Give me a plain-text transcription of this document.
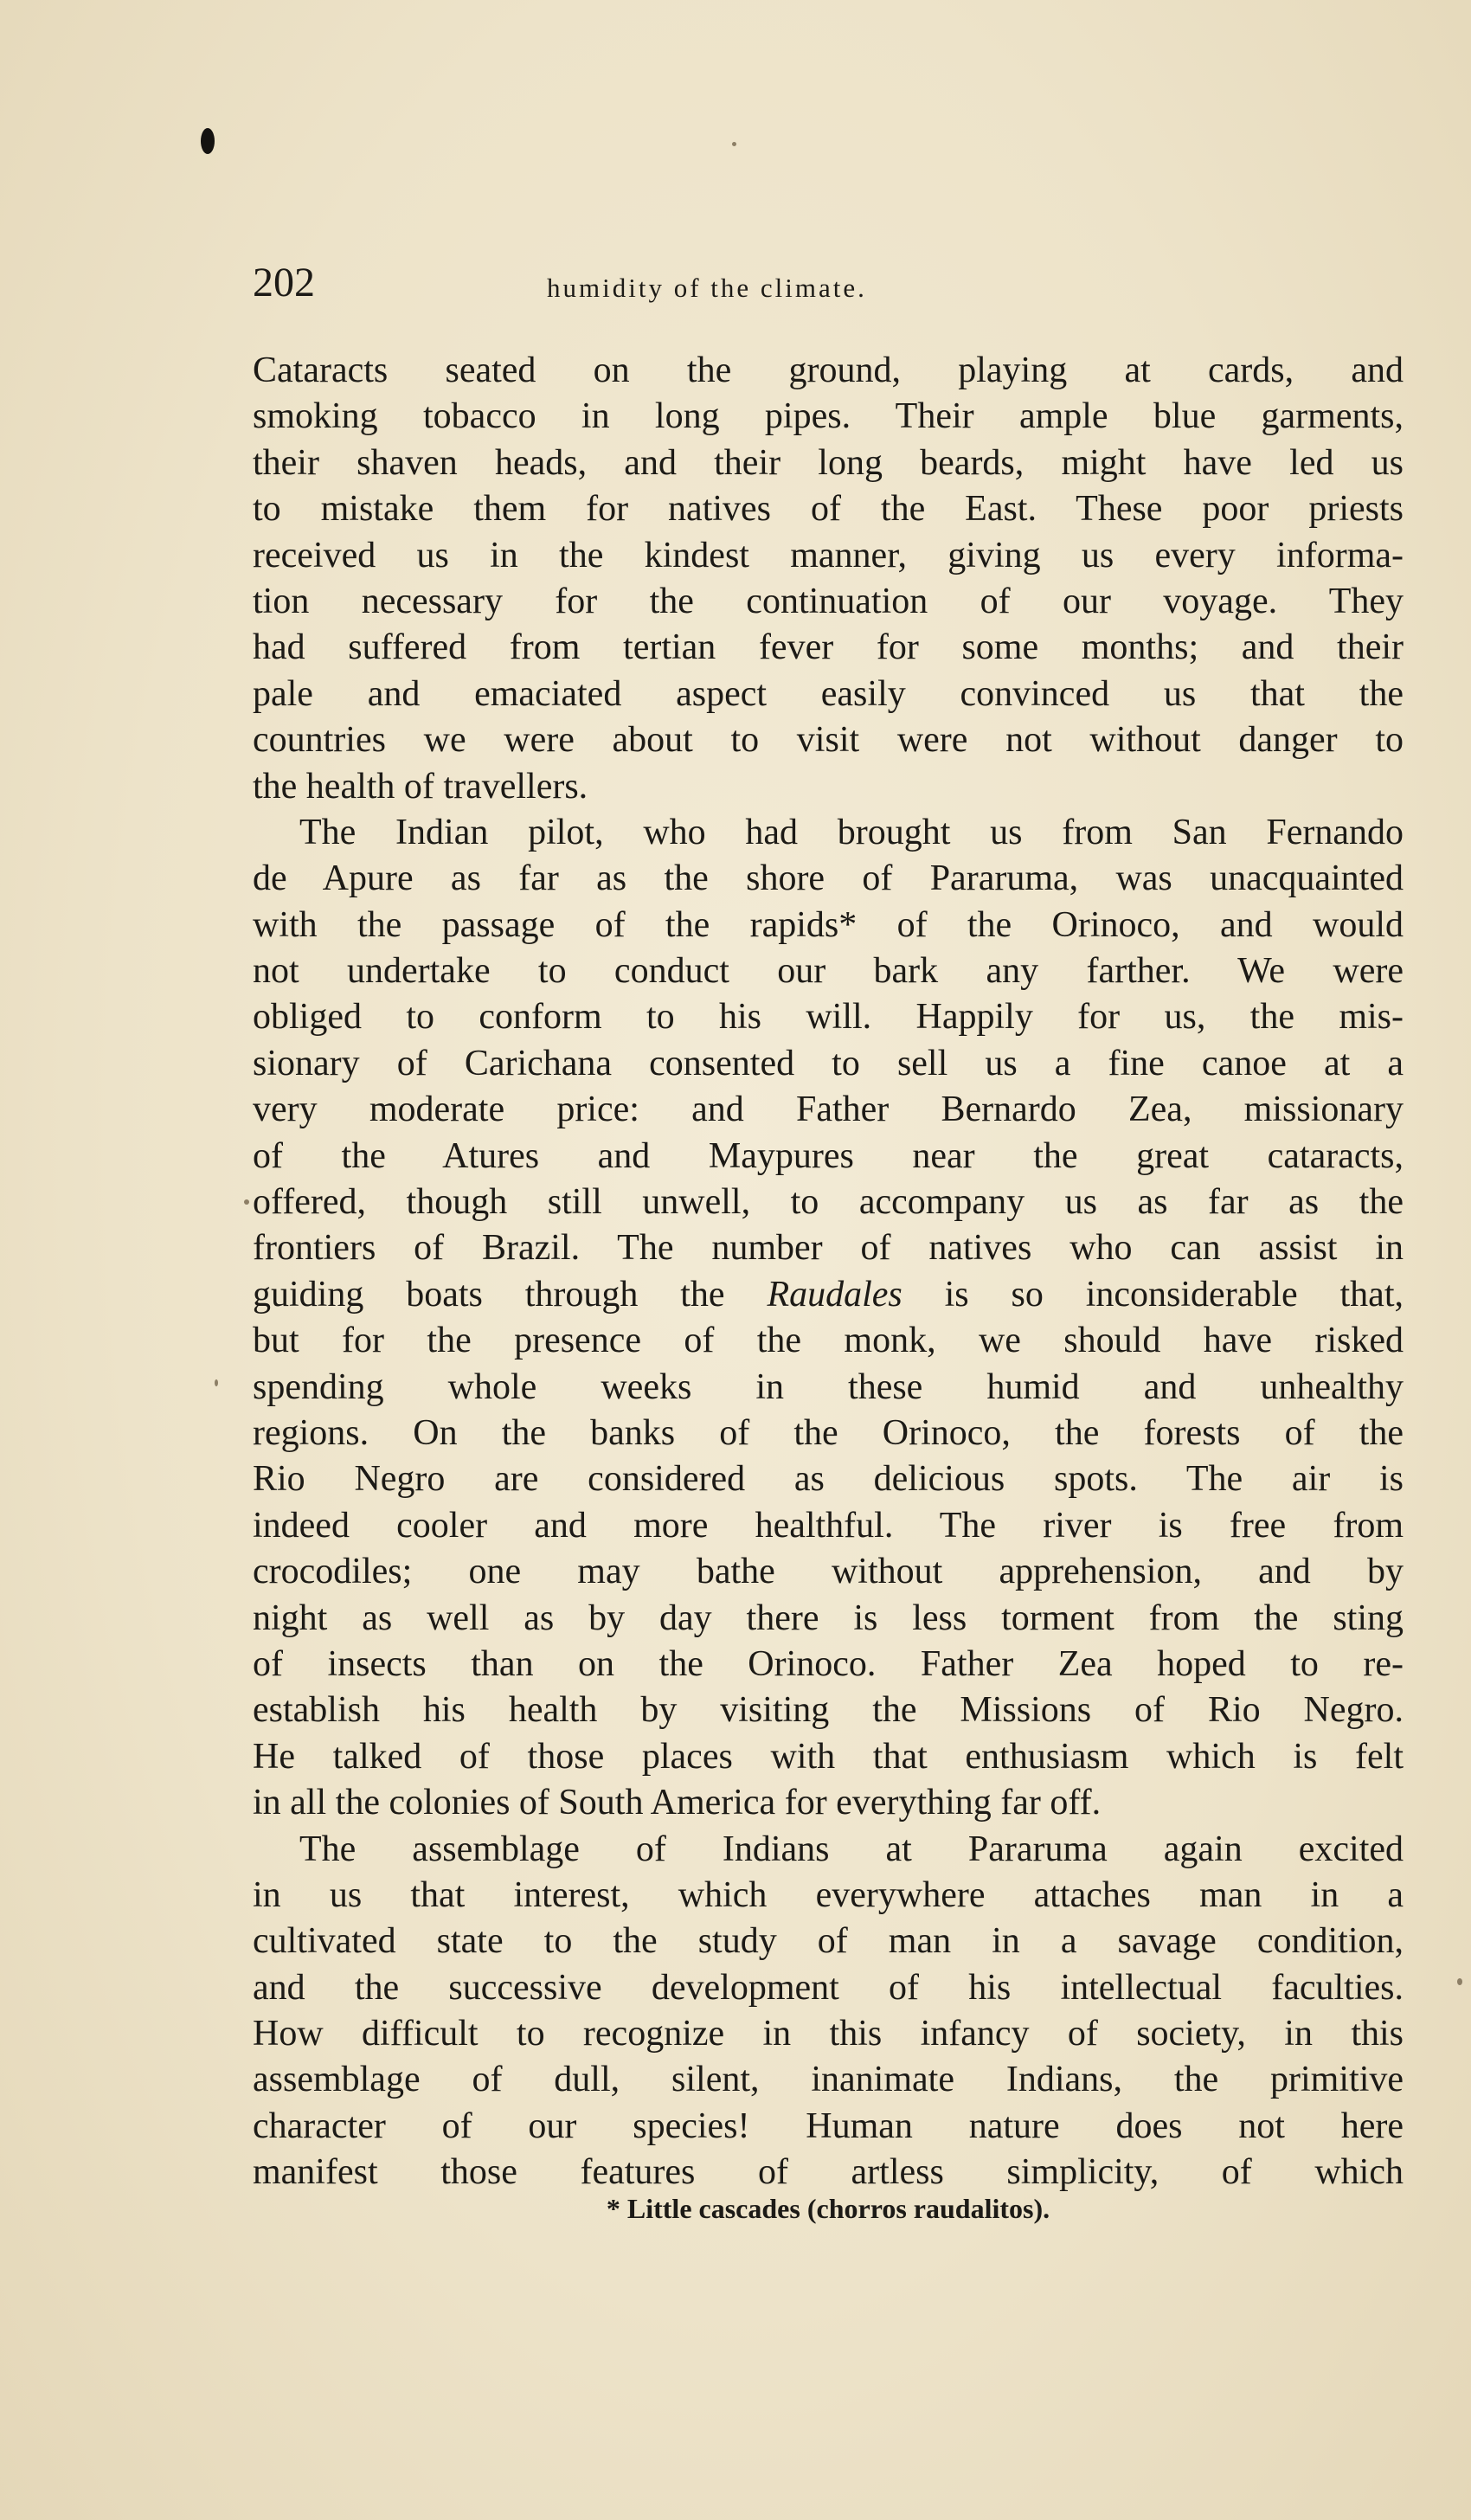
202	humidity of the climate.
Cataracts seated on the ground, playing at cards, and
smoking tobacco in long pipes. Their ample blue garments,
their shaven heads, and their long beards, might have led us
to mistake them for natives of the East. These poor priests
received us in the kindest manner, giving us every informa-
tion necessary for the continuation of our voyage. They
had suffered from tertian fever for some months; and their
pale and emaciated aspect easily convinced us that the
countries we were about to visit were not without danger to
the health of travellers.
The Indian pilot, who had brought us from San Fernando
de Apure as far as the shore of Pararuma, was unacquainted
with the passage of the rapids* of the Orinoco, and would
not undertake to conduct our bark any farther. We were
obliged to conform to his will. Happily for us, the mis-
sionary of Carichana consented to sell us a fine canoe at a
very moderate price: and Father Bernardo Zea, missionary
of the Atures and Maypures near the great cataracts,
offered, though still unwell, to accompany us as far as the
frontiers of Brazil. The number of natives who can assist in
guiding boats through the Raudales is so inconsiderable that,
but for the presence of the monk, we should have risked
spending whole weeks in these humid and unhealthy
regions. On the banks of the Orinoco, the forests of the
Rio Negro are considered as delicious spots. The air is
indeed cooler and more healthful. The river is free from
crocodiles; one may bathe without apprehension, and by
night as well as by day there is less torment from the sting
of insects than on the Orinoco. Father Zea hoped to re-
establish his health by visiting the Missions of Rio Negro.
He talked of those places with that enthusiasm which is felt
in all the colonies of South America for everything far off.
The assemblage of Indians at Pararuma again excited
in us that interest, which everywhere attaches man in a
cultivated state to the study of man in a savage condition,
and the successive development of his intellectual faculties.
How difficult to recognize in this infancy of society, in this
assemblage of dull, silent, inanimate Indians, the primitive
character of our species! Human nature does not here
manifest those features of artless simplicity, of which
* Little cascades (chorros raudalitos).
